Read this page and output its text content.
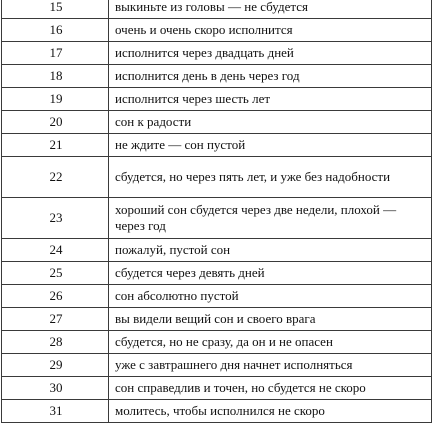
15	выкиньте из головы — не сбудется
16	очень и очень скоро исполнится
17	исполнится через двадцать дней
18	исполнится день в день через год
19	исполнится через шесть лет
20	сон к радости
21	не ждите — сон пустой
22	сбудется, но через пять лет, и уже без надобности
23	хороший сон сбудется через две недели, плохой — через год
24	пожалуй, пустой сон
25	сбудется через девять дней
26	сон абсолютно пустой
27	вы видели вещий сон и своего врага
28	сбудется, но не сразу, да он и не опасен
29	уже с завтрашнего дня начнет исполняться
30	сон справедлив и точен, но сбудется не скоро
31	молитесь, чтобы исполнился не скоро
